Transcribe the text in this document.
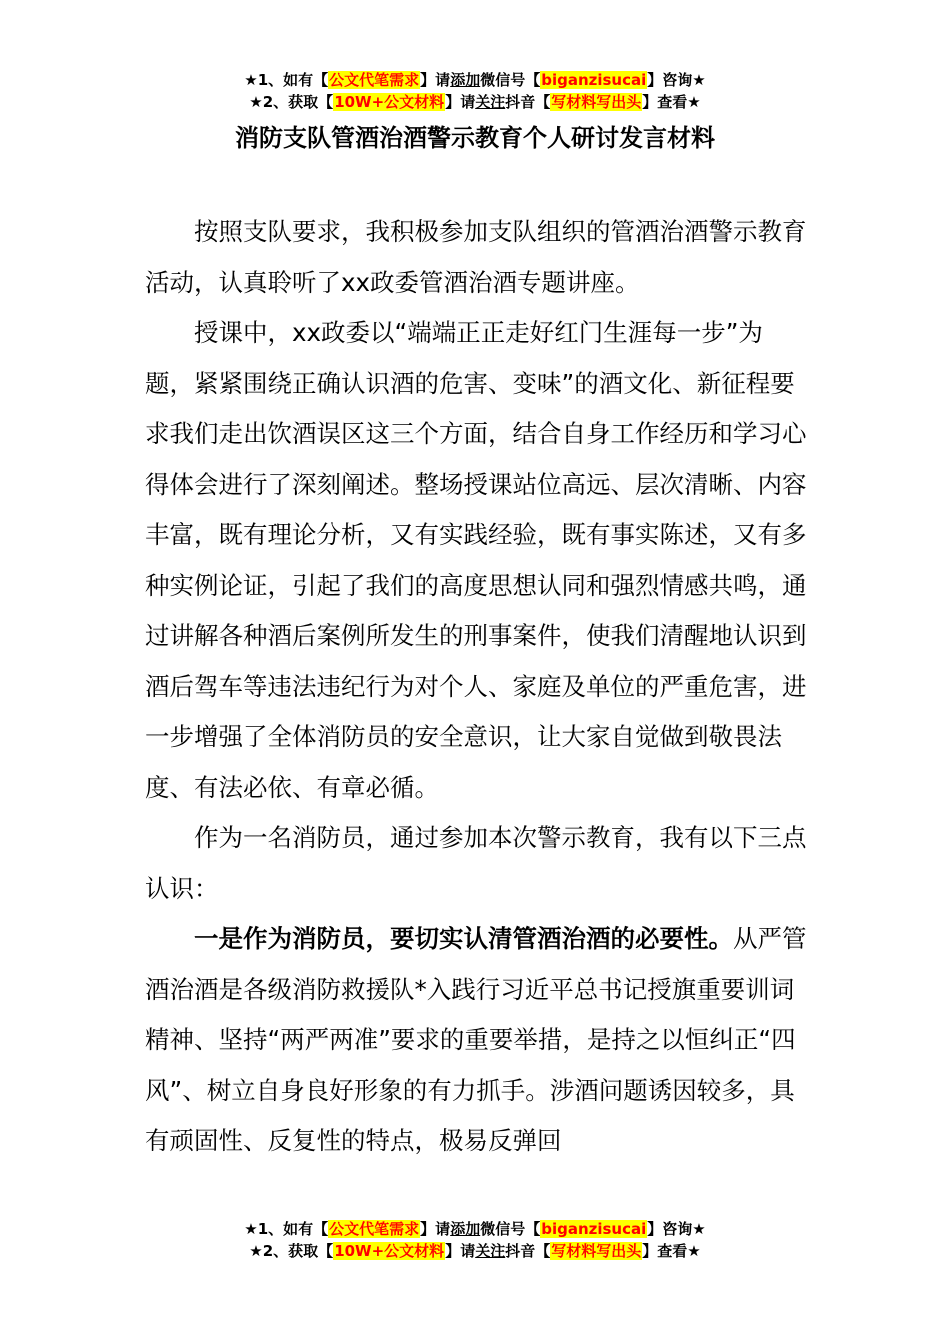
★1、如有【公文代笔需求】请添加微信号【biganzisucai】咨询★
★2、获取【10W+公文材料】请关注抖音【写材料写出头】查看★
消防支队管酒治酒警示教育个人研讨发言材料

按照支队要求，我积极参加支队组织的管酒治酒警示教育活动，认真聆听了xx政委管酒治酒专题讲座。

授课中，xx政委以“端端正正走好红门生涯每一步”为题，紧紧围绕正确认识酒的危害、变味”的酒文化、新征程要求我们走出饮酒误区这三个方面，结合自身工作经历和学习心得体会进行了深刻阐述。整场授课站位高远、层次清晰、内容丰富，既有理论分析，又有实践经验，既有事实陈述，又有多种实例论证，引起了我们的高度思想认同和强烈情感共鸣，通过讲解各种酒后案例所发生的刑事案件，使我们清醒地认识到酒后驾车等违法违纪行为对个人、家庭及单位的严重危害，进一步增强了全体消防员的安全意识，让大家自觉做到敬畏法度、有法必依、有章必循。

作为一名消防员，通过参加本次警示教育，我有以下三点认识：

一是作为消防员，要切实认清管酒治酒的必要性。从严管酒治酒是各级消防救援队*入践行习近平总书记授旗重要训词精神、坚持“两严两准”要求的重要举措，是持之以恒纠正“四风”、树立自身良好形象的有力抓手。涉酒问题诱因较多，具有顽固性、反复性的特点，极易反弹回

★1、如有【公文代笔需求】请添加微信号【biganzisucai】咨询★
★2、获取【10W+公文材料】请关注抖音【写材料写出头】查看★
